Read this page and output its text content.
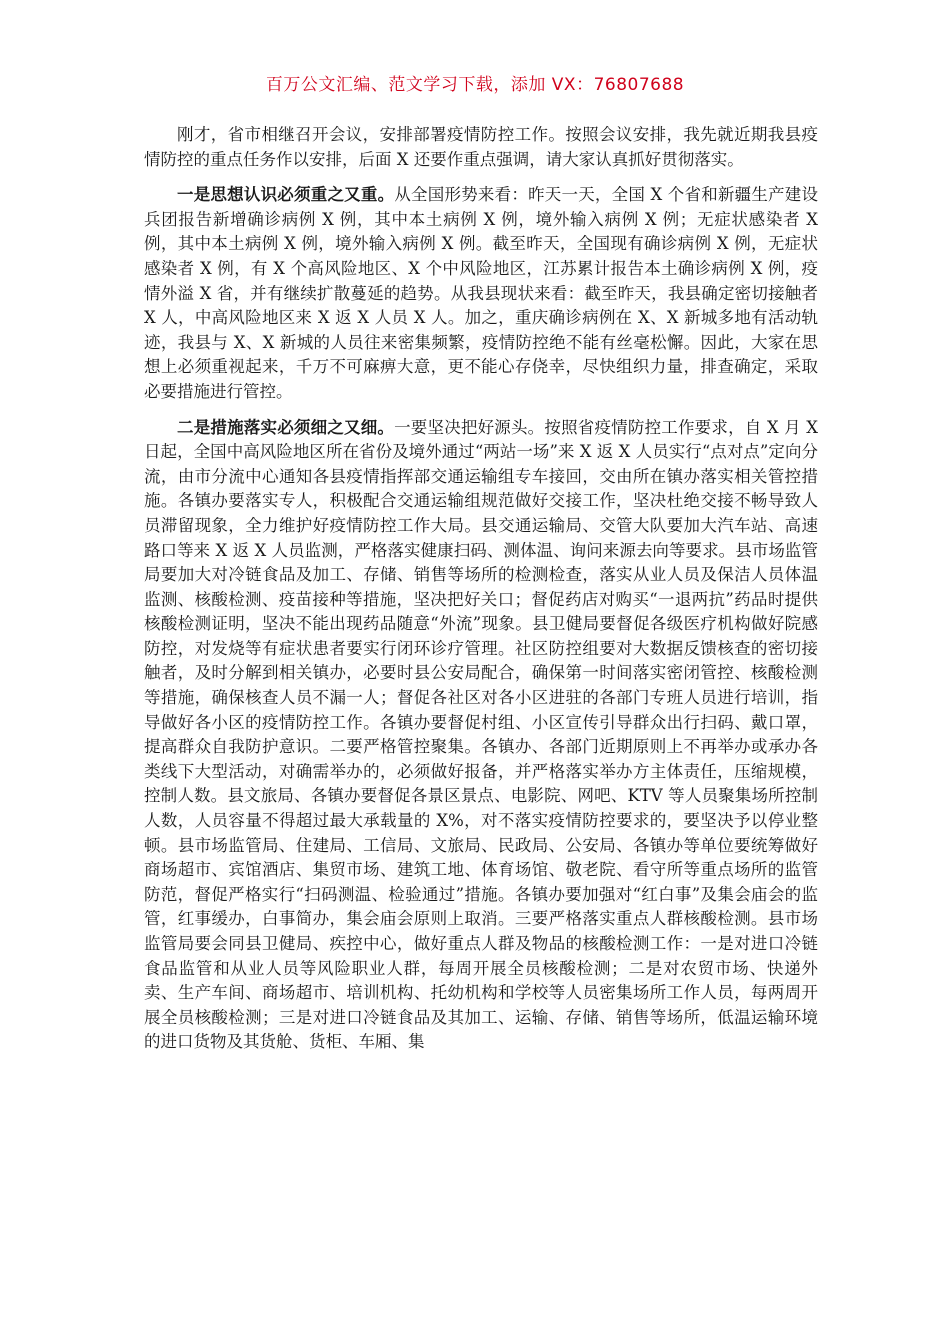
百万公文汇编、范文学习下载，添加 VX：76807688

刚才，省市相继召开会议，安排部署疫情防控工作。按照会议安排，我先就近期我县疫情防控的重点任务作以安排，后面 X 还要作重点强调，请大家认真抓好贯彻落实。

一是思想认识必须重之又重。从全国形势来看：昨天一天，全国 X 个省和新疆生产建设兵团报告新增确诊病例 X 例，其中本土病例 X 例，境外输入病例 X 例；无症状感染者 X 例，其中本土病例 X 例，境外输入病例 X 例。截至昨天，全国现有确诊病例 X 例，无症状感染者 X 例，有 X 个高风险地区、X 个中风险地区，江苏累计报告本土确诊病例 X 例，疫情外溢 X 省，并有继续扩散蔓延的趋势。从我县现状来看：截至昨天，我县确定密切接触者 X 人，中高风险地区来 X 返 X 人员 X 人。加之，重庆确诊病例在 X、X 新城多地有活动轨迹，我县与 X、X 新城的人员往来密集频繁，疫情防控绝不能有丝毫松懈。因此，大家在思想上必须重视起来，千万不可麻痹大意，更不能心存侥幸，尽快组织力量，排查确定，采取必要措施进行管控。

二是措施落实必须细之又细。一要坚决把好源头。按照省疫情防控工作要求，自 X 月 X 日起，全国中高风险地区所在省份及境外通过“两站一场”来 X 返 X 人员实行“点对点”定向分流，由市分流中心通知各县疫情指挥部交通运输组专车接回，交由所在镇办落实相关管控措施。各镇办要落实专人，积极配合交通运输组规范做好交接工作，坚决杜绝交接不畅导致人员滞留现象，全力维护好疫情防控工作大局。县交通运输局、交管大队要加大汽车站、高速路口等来 X 返 X 人员监测，严格落实健康扫码、测体温、询问来源去向等要求。县市场监管局要加大对冷链食品及加工、存储、销售等场所的检测检查，落实从业人员及保洁人员体温监测、核酸检测、疫苗接种等措施，坚决把好关口；督促药店对购买“一退两抗”药品时提供核酸检测证明，坚决不能出现药品随意“外流”现象。县卫健局要督促各级医疗机构做好院感防控，对发烧等有症状患者要实行闭环诊疗管理。社区防控组要对大数据反馈核查的密切接触者，及时分解到相关镇办，必要时县公安局配合，确保第一时间落实密闭管控、核酸检测等措施，确保核查人员不漏一人；督促各社区对各小区进驻的各部门专班人员进行培训，指导做好各小区的疫情防控工作。各镇办要督促村组、小区宣传引导群众出行扫码、戴口罩，提高群众自我防护意识。二要严格管控聚集。各镇办、各部门近期原则上不再举办或承办各类线下大型活动，对确需举办的，必须做好报备，并严格落实举办方主体责任，压缩规模，控制人数。县文旅局、各镇办要督促各景区景点、电影院、网吧、KTV 等人员聚集场所控制人数，人员容量不得超过最大承载量的 X%，对不落实疫情防控要求的，要坚决予以停业整顿。县市场监管局、住建局、工信局、文旅局、民政局、公安局、各镇办等单位要统筹做好商场超市、宾馆酒店、集贸市场、建筑工地、体育场馆、敬老院、看守所等重点场所的监管防范，督促严格实行“扫码测温、检验通过”措施。各镇办要加强对“红白事”及集会庙会的监管，红事缓办，白事简办，集会庙会原则上取消。三要严格落实重点人群核酸检测。县市场监管局要会同县卫健局、疾控中心，做好重点人群及物品的核酸检测工作：一是对进口冷链食品监管和从业人员等风险职业人群，每周开展全员核酸检测；二是对农贸市场、快递外卖、生产车间、商场超市、培训机构、托幼机构和学校等人员密集场所工作人员，每两周开展全员核酸检测；三是对进口冷链食品及其加工、运输、存储、销售等场所，低温运输环境的进口货物及其货舱、货柜、车厢、集
